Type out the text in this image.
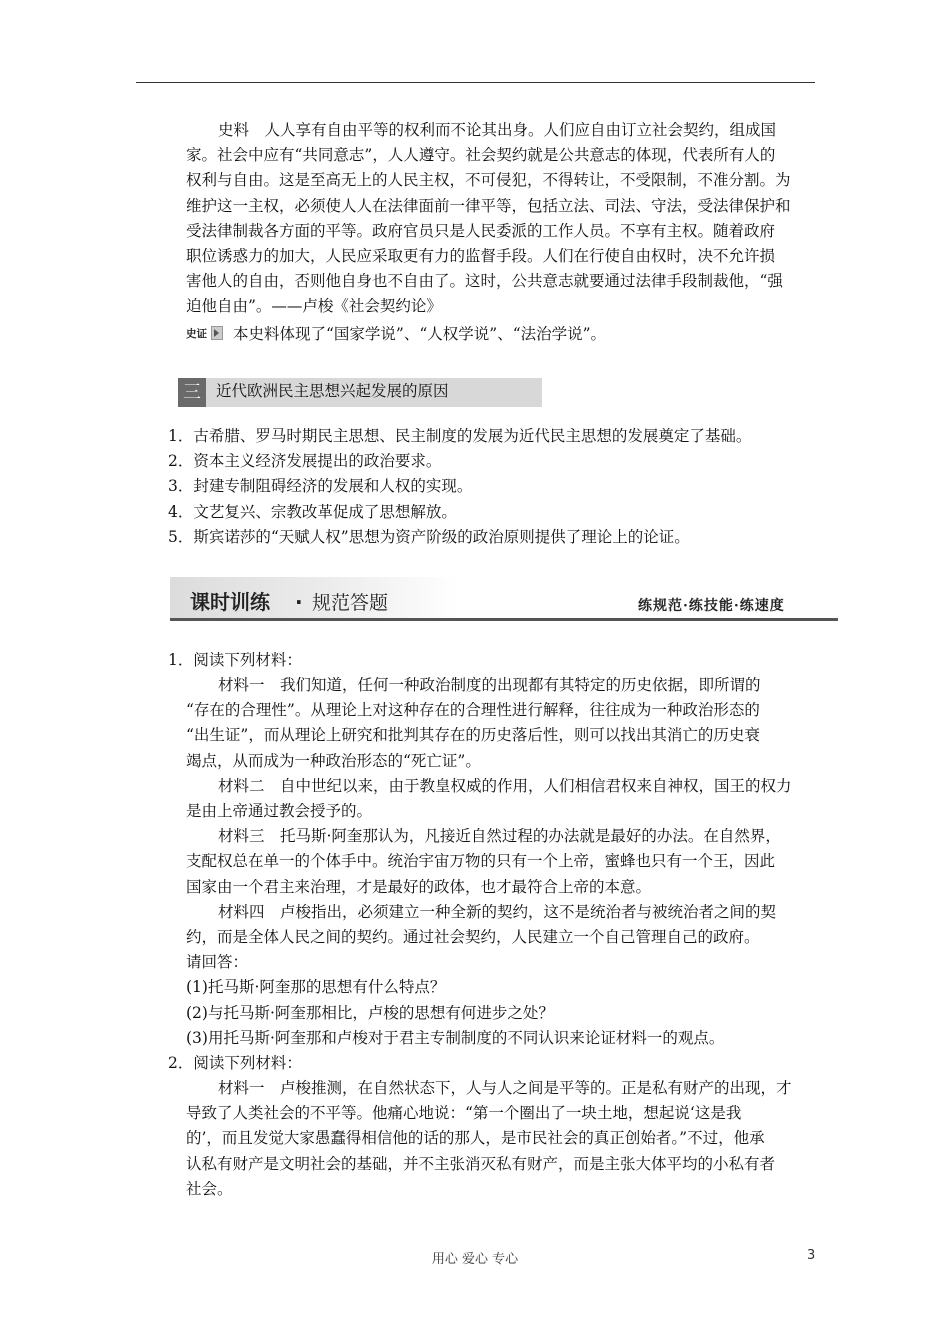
史料　人人享有自由平等的权利而不论其出身。人们应自由订立社会契约，组成国
家。社会中应有“共同意志”，人人遵守。社会契约就是公共意志的体现，代表所有人的
权利与自由。这是至高无上的人民主权，不可侵犯，不得转让，不受限制，不准分割。为
维护这一主权，必须使人人在法律面前一律平等，包括立法、司法、守法，受法律保护和
受法律制裁各方面的平等。政府官员只是人民委派的工作人员。不享有主权。随着政府
职位诱惑力的加大，人民应采取更有力的监督手段。人们在行使自由权时，决不允许损
害他人的自由，否则他自身也不自由了。这时，公共意志就要通过法律手段制裁他，“强
迫他自由”。——卢梭《社会契约论》
史证 本史料体现了“国家学说”、“人权学说”、“法治学说”。
三 近代欧洲民主思想兴起发展的原因
1．古希腊、罗马时期民主思想、民主制度的发展为近代民主思想的发展奠定了基础。
2．资本主义经济发展提出的政治要求。
3．封建专制阻碍经济的发展和人权的实现。
4．文艺复兴、宗教改革促成了思想解放。
5．斯宾诺莎的“天赋人权”思想为资产阶级的政治原则提供了理论上的论证。
课时训练 · 规范答题	练规范·练技能·练速度
1．阅读下列材料：
材料一　我们知道，任何一种政治制度的出现都有其特定的历史依据，即所谓的
“存在的合理性”。从理论上对这种存在的合理性进行解释，往往成为一种政治形态的
“出生证”，而从理论上研究和批判其存在的历史落后性，则可以找出其消亡的历史衰
竭点，从而成为一种政治形态的“死亡证”。
材料二　自中世纪以来，由于教皇权威的作用，人们相信君权来自神权，国王的权力
是由上帝通过教会授予的。
材料三　托马斯·阿奎那认为，凡接近自然过程的办法就是最好的办法。在自然界，
支配权总在单一的个体手中。统治宇宙万物的只有一个上帝，蜜蜂也只有一个王，因此
国家由一个君主来治理，才是最好的政体，也才最符合上帝的本意。
材料四　卢梭指出，必须建立一种全新的契约，这不是统治者与被统治者之间的契
约，而是全体人民之间的契约。通过社会契约，人民建立一个自己管理自己的政府。
请回答：
(1)托马斯·阿奎那的思想有什么特点？
(2)与托马斯·阿奎那相比，卢梭的思想有何进步之处？
(3)用托马斯·阿奎那和卢梭对于君主专制制度的不同认识来论证材料一的观点。
2．阅读下列材料：
材料一　卢梭推测，在自然状态下，人与人之间是平等的。正是私有财产的出现，才
导致了人类社会的不平等。他痛心地说：“第一个圈出了一块土地，想起说‘这是我
的’，而且发觉大家愚蠢得相信他的话的那人，是市民社会的真正创始者。”不过，他承
认私有财产是文明社会的基础，并不主张消灭私有财产，而是主张大体平均的小私有者
社会。
用心 爱心 专心	3
